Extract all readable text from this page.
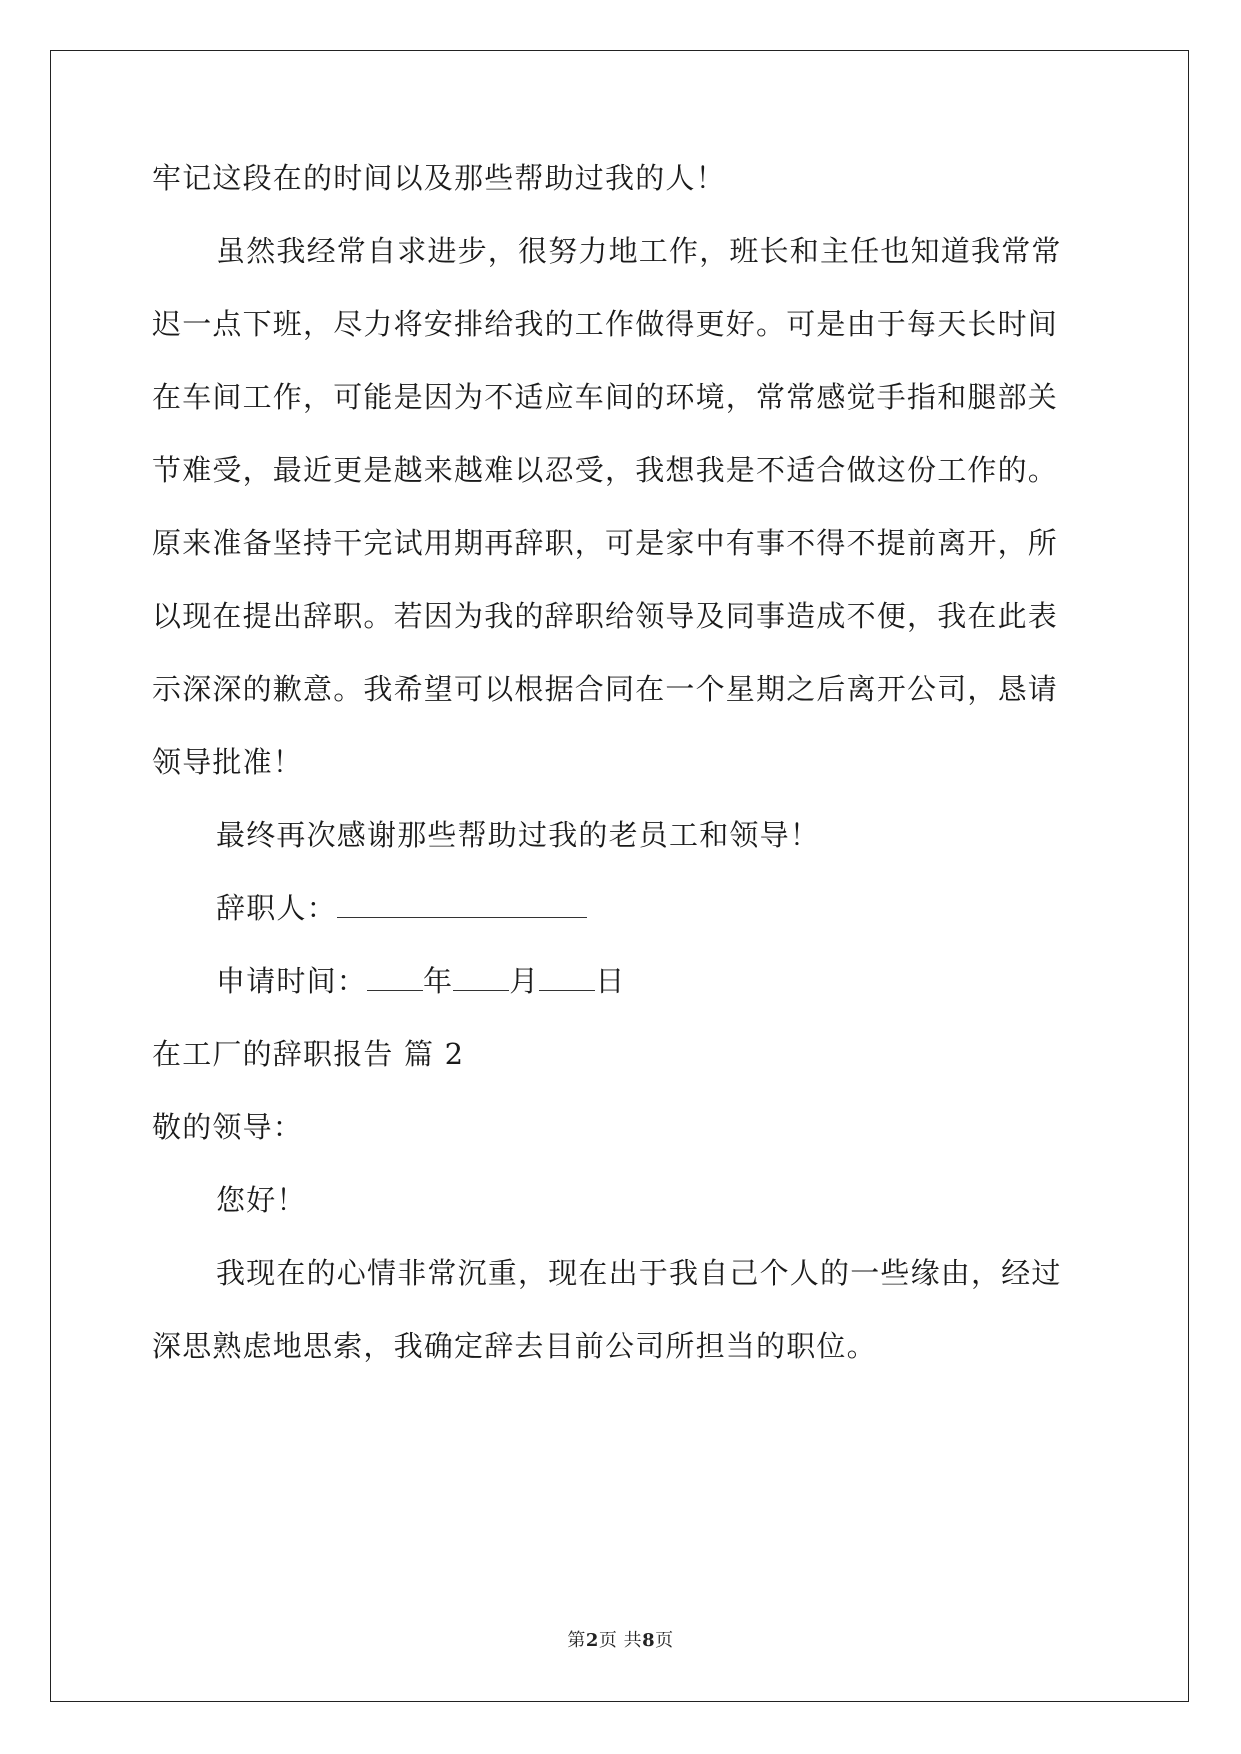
牢记这段在的时间以及那些帮助过我的人！
虽然我经常自求进步，很努力地工作，班长和主任也知道我常常
迟一点下班，尽力将安排给我的工作做得更好。可是由于每天长时间
在车间工作，可能是因为不适应车间的环境，常常感觉手指和腿部关
节难受，最近更是越来越难以忍受，我想我是不适合做这份工作的。
原来准备坚持干完试用期再辞职，可是家中有事不得不提前离开，所
以现在提出辞职。若因为我的辞职给领导及同事造成不便，我在此表
示深深的歉意。我希望可以根据合同在一个星期之后离开公司，恳请
领导批准！
最终再次感谢那些帮助过我的老员工和领导！
辞职人：
申请时间： 年 月 日
在工厂的辞职报告 篇 2
敬的领导：
您好！
我现在的心情非常沉重，现在出于我自己个人的一些缘由，经过
深思熟虑地思索，我确定辞去目前公司所担当的职位。
第2页 共8页
